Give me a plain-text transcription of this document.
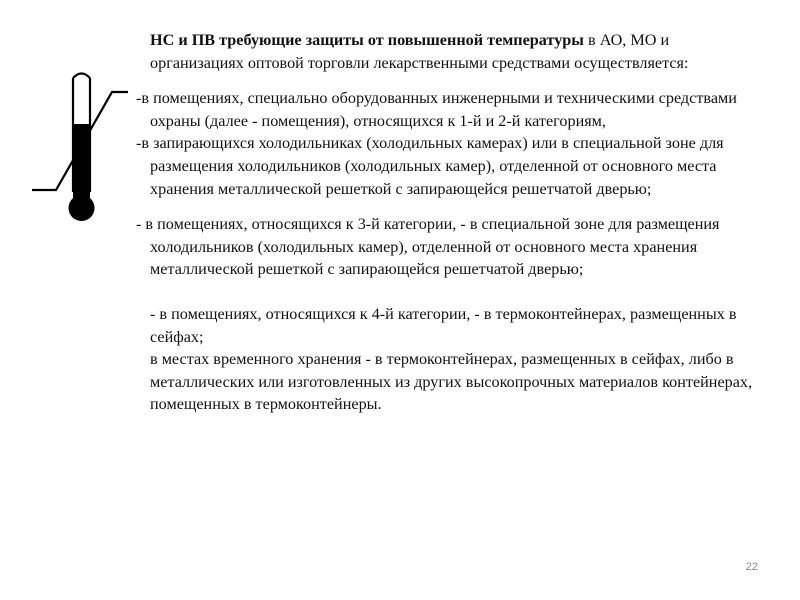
НС и ПВ требующие защиты от повышенной температуры в АО, МО и организациях оптовой торговли лекарственными средствами осуществляется:

-в помещениях, специально оборудованных инженерными и техническими средствами охраны (далее - помещения), относящихся к 1-й и 2-й категориям,

-в запирающихся холодильниках (холодильных камерах) или в специальной зоне для размещения холодильников (холодильных камер), отделенной от основного места хранения металлической решеткой с запирающейся решетчатой дверью;

- в помещениях, относящихся к 3-й категории, - в специальной зоне для размещения холодильников (холодильных камер), отделенной от основного места хранения металлической решеткой с запирающейся решетчатой дверью;

- в помещениях, относящихся к 4-й категории, - в термоконтейнерах, размещенных в сейфах;

в местах временного хранения - в термоконтейнерах, размещенных в сейфах, либо в металлических или изготовленных из других высокопрочных материалов контейнерах, помещенных в термоконтейнеры.

22
